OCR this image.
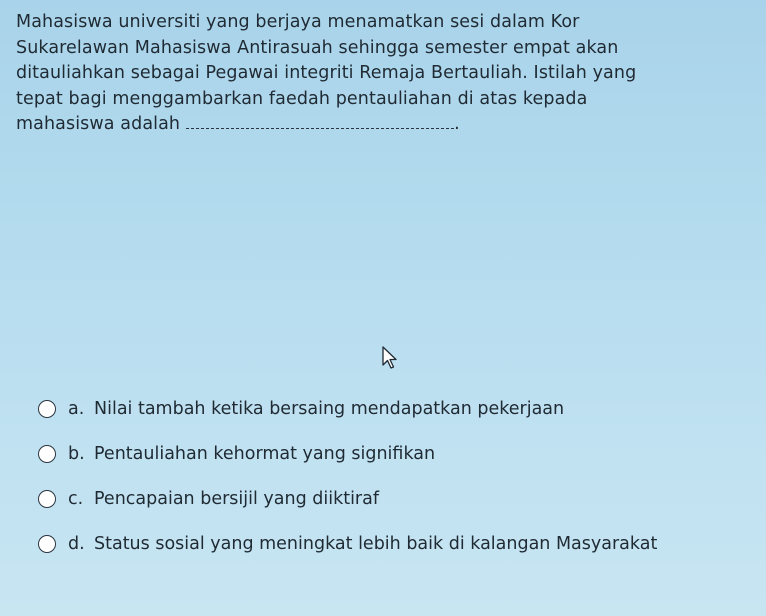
Mahasiswa universiti yang berjaya menamatkan sesi dalam Kor
Sukarelawan Mahasiswa Antirasuah sehingga semester empat akan
ditauliahkan sebagai Pegawai integriti Remaja Bertauliah. Istilah yang
tepat bagi menggambarkan faedah pentauliahan di atas kepada
mahasiswa adalah	.
a. Nilai tambah ketika bersaing mendapatkan pekerjaan
b. Pentauliahan kehormat yang signifikan
c. Pencapaian bersijil yang diiktiraf
d. Status sosial yang meningkat lebih baik di kalangan Masyarakat
